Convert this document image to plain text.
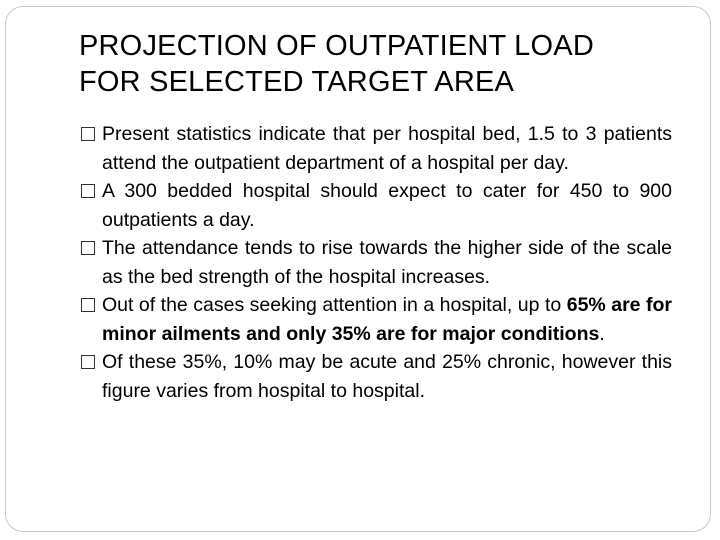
PROJECTION OF OUTPATIENT LOAD
FOR SELECTED TARGET AREA
Present statistics indicate that per hospital bed, 1.5 to 3 patients attend the outpatient department of a hospital per day.
A 300 bedded hospital should expect to cater for 450 to 900 outpatients a day.
The attendance tends to rise towards the higher side of the scale as the bed strength of the hospital increases.
Out of the cases seeking attention in a hospital, up to 65% are for minor ailments and only 35% are for major conditions.
Of these 35%, 10% may be acute and 25% chronic, however this figure varies from hospital to hospital.
